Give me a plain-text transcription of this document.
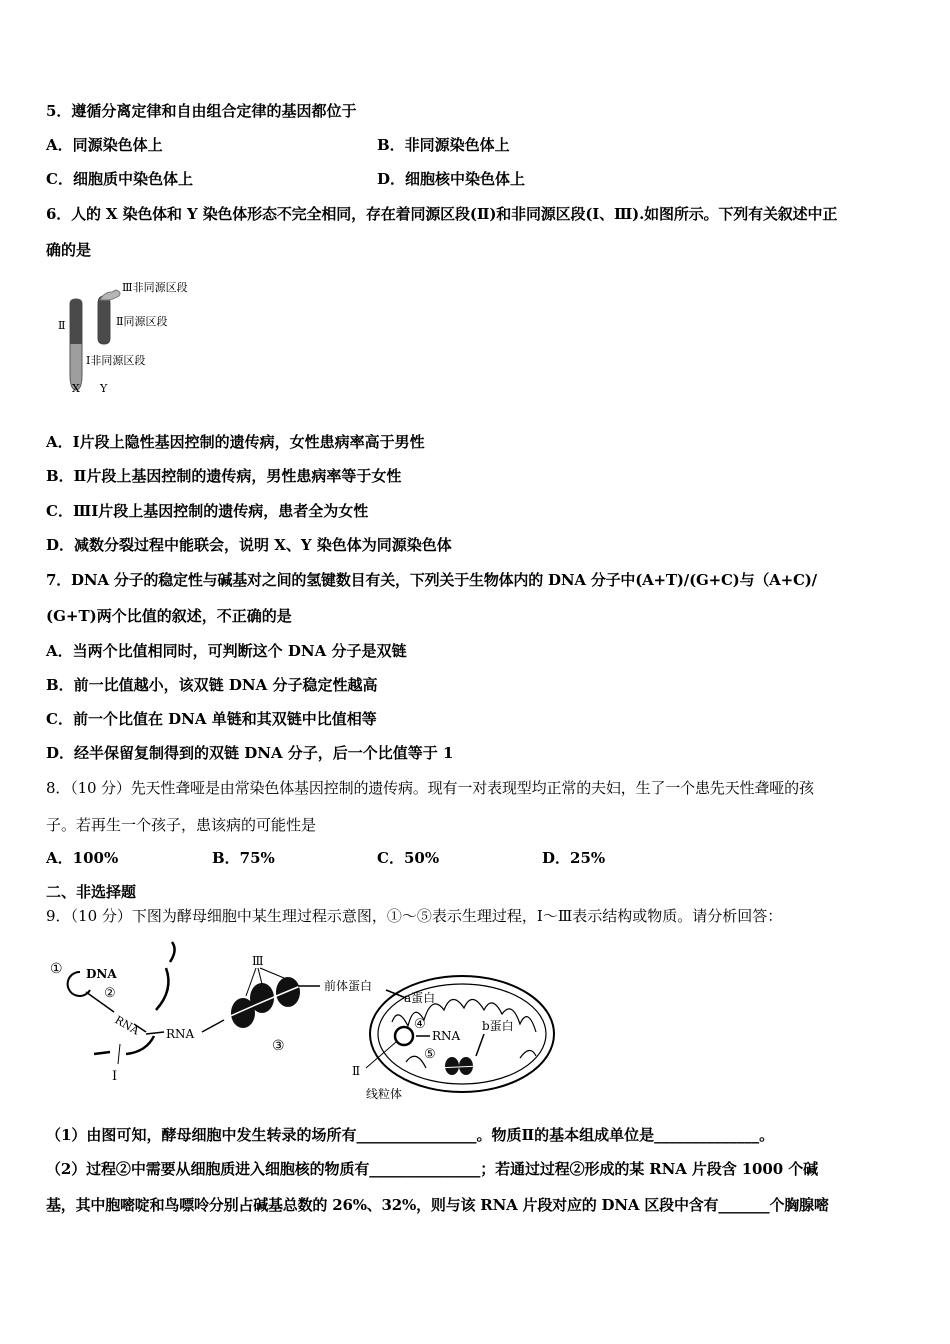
5．遵循分离定律和自由组合定律的基因都位于
A．同源染色体上	B．非同源染色体上
C．细胞质中染色体上	D．细胞核中染色体上
6．人的 X 染色体和 Y 染色体形态不完全相同，存在着同源区段(Ⅱ)和非同源区段(Ⅰ、Ⅲ).如图所示。下列有关叙述中正
确的是
Ⅱ
Ⅲ非同源区段
Ⅱ同源区段
Ⅰ非同源区段
X Y
A．Ⅰ片段上隐性基因控制的遗传病，女性患病率高于男性
B．Ⅱ片段上基因控制的遗传病，男性患病率等于女性
C．ⅢⅠ片段上基因控制的遗传病，患者全为女性
D．减数分裂过程中能联会，说明 X、Y 染色体为同源染色体
7．DNA 分子的稳定性与碱基对之间的氢键数目有关，下列关于生物体内的 DNA 分子中(A+T)/(G+C)与（A+C)/
(G+T)两个比值的叙述，不正确的是
A．当两个比值相同时，可判断这个 DNA 分子是双链
B．前一比值越小，该双链 DNA 分子稳定性越高
C．前一个比值在 DNA 单链和其双链中比值相等
D．经半保留复制得到的双链 DNA 分子，后一个比值等于 1
8．（10 分）先天性聋哑是由常染色体基因控制的遗传病。现有一对表现型均正常的夫妇，生了一个患先天性聋哑的孩
子。若再生一个孩子，患该病的可能性是
A．100%	B．75%	C．50%	D．25%
二、非选择题
9．（10 分）下图为酵母细胞中某生理过程示意图，①～⑤表示生理过程，Ⅰ～Ⅲ表示结构或物质。请分析回答：
① DNA
②
RNA
Ⅰ
RNA
Ⅲ
③
前体蛋白
a蛋白
④
RNA
⑤
b蛋白
Ⅱ
线粒体
（1）由图可知，酵母细胞中发生转录的场所有________________。物质Ⅱ的基本组成单位是______________。
（2）过程②中需要从细胞质进入细胞核的物质有_______________；若通过过程②形成的某 RNA 片段含 1000 个碱
基，其中胞嘧啶和鸟嘌呤分别占碱基总数的 26%、32%，则与该 RNA 片段对应的 DNA 区段中含有_______个胸腺嘧
